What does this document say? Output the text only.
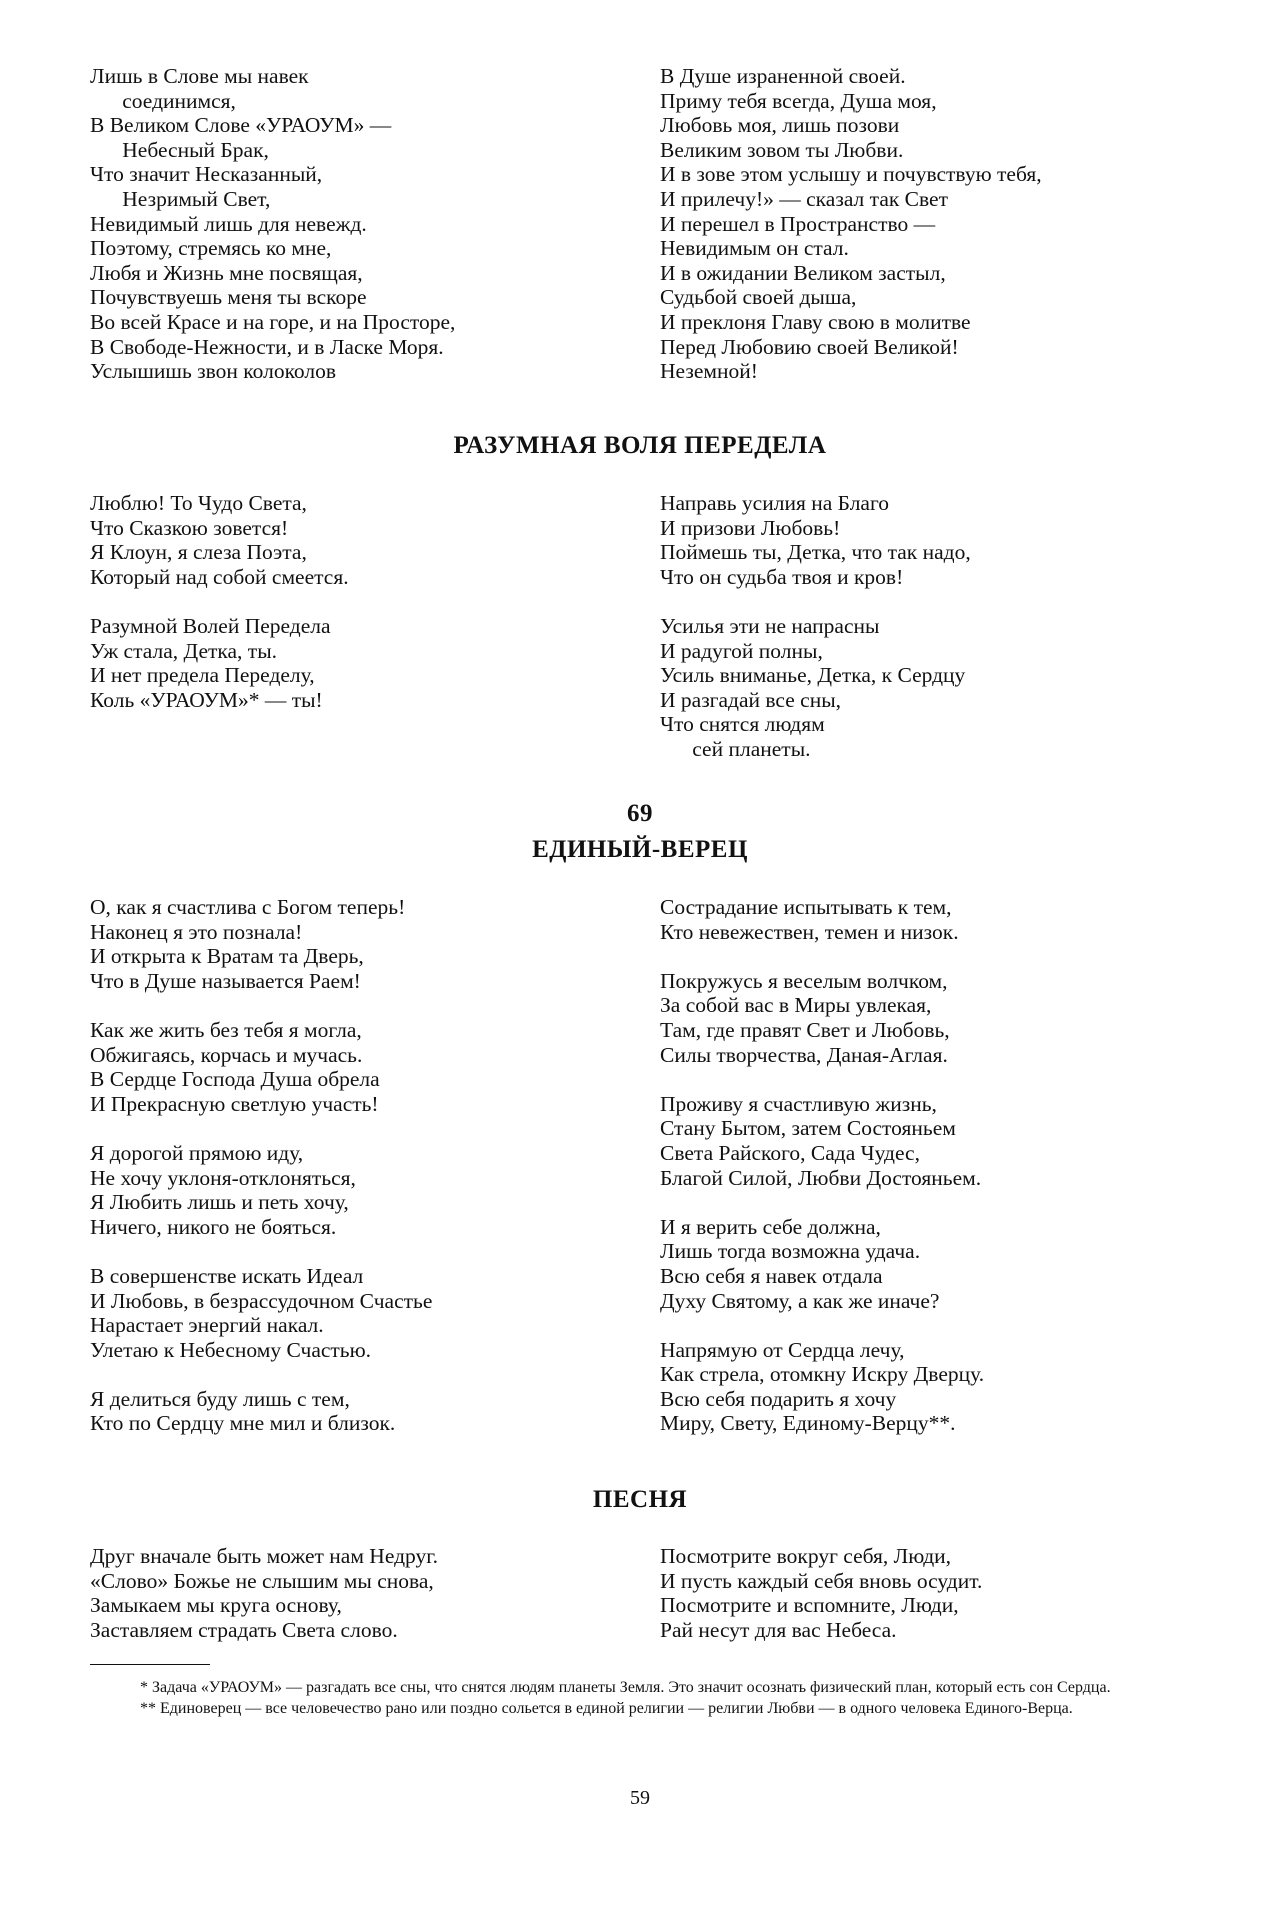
Лишь в Слове мы навек
соединимся,
В Великом Слове «УРАОУМ» —
Небесный Брак,
Что значит Несказанный,
Незримый Свет,
Невидимый лишь для невежд.
Поэтому, стремясь ко мне,
Любя и Жизнь мне посвящая,
Почувствуешь меня ты вскоре
Во всей Красе и на горе, и на Просторе,
В Свободе-Нежности, и в Ласке Моря.
Услышишь звон колоколов
В Душе израненной своей.
Приму тебя всегда, Душа моя,
Любовь моя, лишь позови
Великим зовом ты Любви.
И в зове этом услышу и почувствую тебя,
И прилечу!» — сказал так Свет
И перешел в Пространство —
Невидимым он стал.
И в ожидании Великом застыл,
Судьбой своей дыша,
И преклоня Главу свою в молитве
Перед Любовию своей Великой!
Неземной!
РАЗУМНАЯ ВОЛЯ ПЕРЕДЕЛА
Люблю! То Чудо Света,
Что Сказкою зовется!
Я Клоун, я слеза Поэта,
Который над собой смеется.

Разумной Волей Передела
Уж стала, Детка, ты.
И нет предела Переделу,
Коль «УРАОУМ»* — ты!
Направь усилия на Благо
И призови Любовь!
Поймешь ты, Детка, что так надо,
Что он судьба твоя и кров!

Усилья эти не напрасны
И радугой полны,
Усиль вниманье, Детка, к Сердцу
И разгадай все сны,
Что снятся людям
сей планеты.
69
ЕДИНЫЙ-ВЕРЕЦ
О, как я счастлива с Богом теперь!
Наконец я это познала!
И открыта к Вратам та Дверь,
Что в Душе называется Раем!

Как же жить без тебя я могла,
Обжигаясь, корчась и мучась.
В Сердце Господа Душа обрела
И Прекрасную светлую участь!

Я дорогой прямою иду,
Не хочу уклоня-отклоняться,
Я Любить лишь и петь хочу,
Ничего, никого не бояться.

В совершенстве искать Идеал
И Любовь, в безрассудочном Счастье
Нарастает энергий накал.
Улетаю к Небесному Счастью.

Я делиться буду лишь с тем,
Кто по Сердцу мне мил и близок.
Сострадание испытывать к тем,
Кто невежествен, темен и низок.

Покружусь я веселым волчком,
За собой вас в Миры увлекая,
Там, где правят Свет и Любовь,
Силы творчества, Даная-Аглая.

Проживу я счастливую жизнь,
Стану Бытом, затем Состояньем
Света Райского, Сада Чудес,
Благой Силой, Любви Достояньем.

И я верить себе должна,
Лишь тогда возможна удача.
Всю себя я навек отдала
Духу Святому, а как же иначе?

Напрямую от Сердца лечу,
Как стрела, отомкну Искру Дверцу.
Всю себя подарить я хочу
Миру, Свету, Единому-Верцу**.
ПЕСНЯ
Друг вначале быть может нам Недруг.
«Слово» Божье не слышим мы снова,
Замыкаем мы круга основу,
Заставляем страдать Света слово.
Посмотрите вокруг себя, Люди,
И пусть каждый себя вновь осудит.
Посмотрите и вспомните, Люди,
Рай несут для вас Небеса.

* Задача «УРАОУМ» — разгадать все сны, что снятся людям планеты Земля. Это значит осознать физический план, который есть сон Сердца.

** Единоверец — все человечество рано или поздно сольется в единой религии — религии Любви — в одного человека Единого-Верца.

59
